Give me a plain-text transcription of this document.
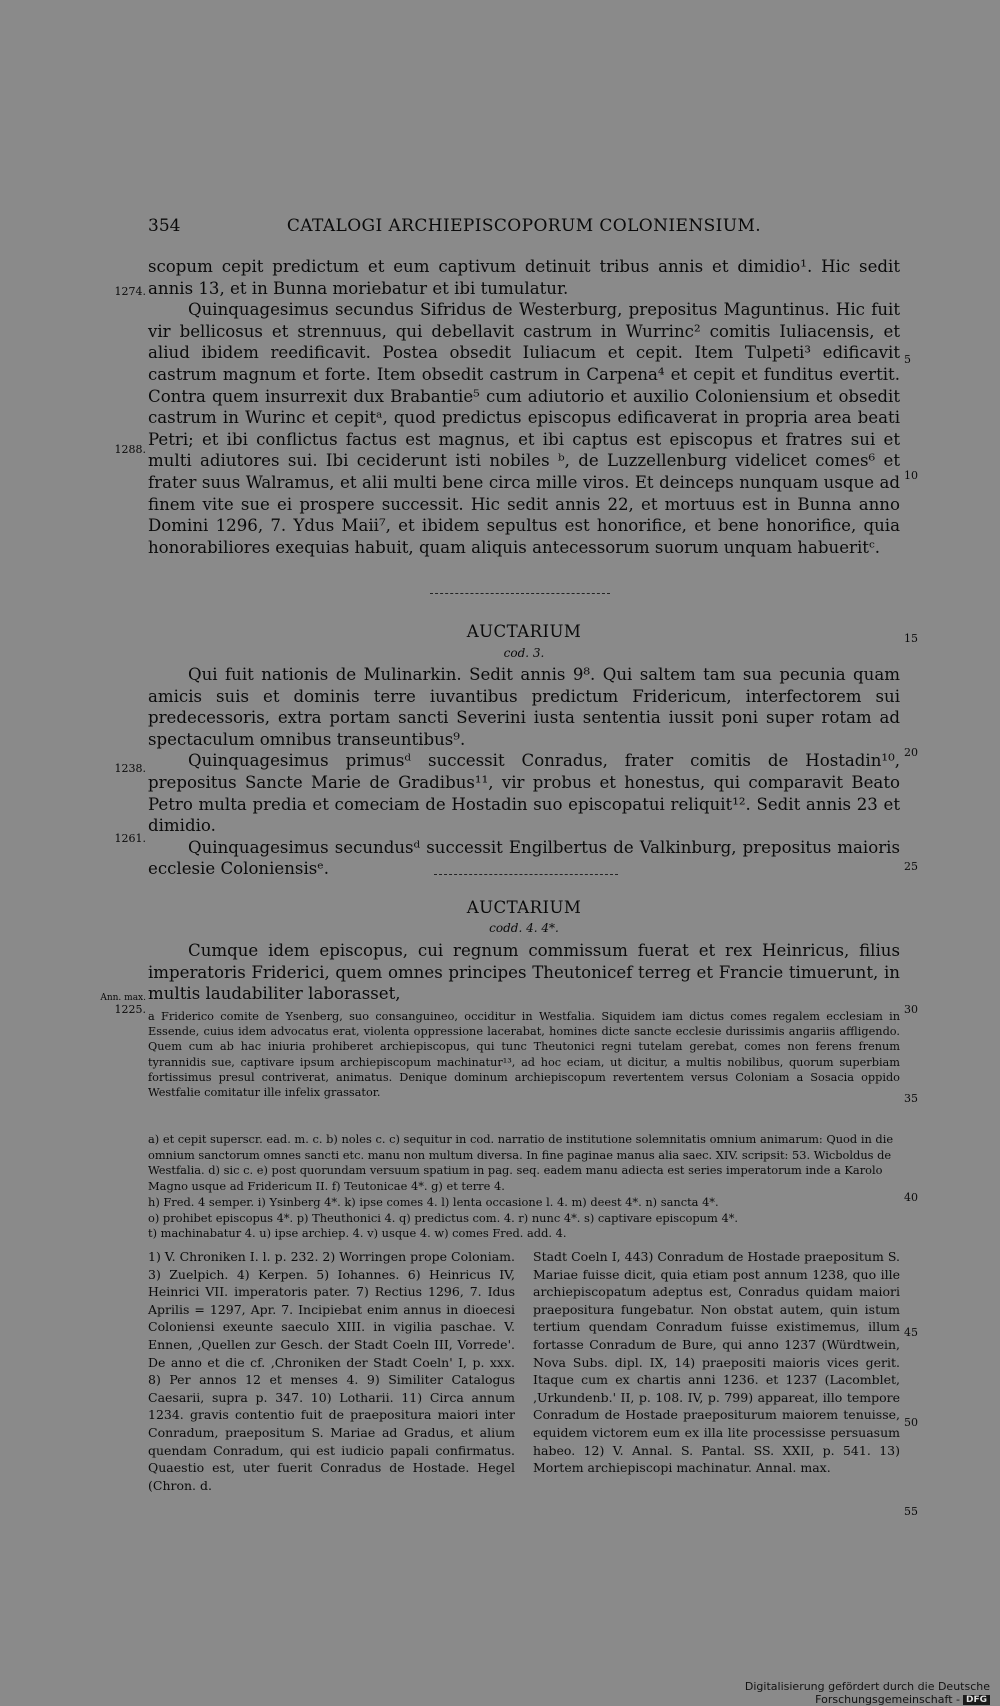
354	CATALOGI ARCHIEPISCOPORUM COLONIENSIUM.

scopum cepit predictum et eum captivum detinuit tribus annis et dimidio¹. Hic sedit annis 13, et in Bunna moriebatur et ibi tumulatur.

Quinquagesimus secundus Sifridus de Westerburg, prepositus Maguntinus. Hic fuit vir bellicosus et strennuus, qui debellavit castrum in Wurrinc² comitis Iuliacensis, et aliud ibidem reedificavit. Postea obsedit Iuliacum et cepit. Item Tulpeti³ edificavit castrum magnum et forte. Item obsedit castrum in Carpena⁴ et cepit et funditus evertit. Contra quem insurrexit dux Brabantie⁵ cum adiutorio et auxilio Coloniensium et obsedit castrum in Wurinc et cepitᵃ, quod predictus episcopus edificaverat in propria area beati Petri; et ibi conflictus factus est magnus, et ibi captus est episcopus et fratres sui et multi adiutores sui. Ibi ceciderunt isti nobiles ᵇ, de Luzzellenburg videlicet comes⁶ et frater suus Walramus, et alii multi bene circa mille viros. Et deinceps nunquam usque ad finem vite sue ei prospere successit. Hic sedit annis 22, et mortuus est in Bunna anno Domini 1296, 7. Ydus Maii⁷, et ibidem sepultus est honorifice, et bene honorifice, quia honorabiliores exequias habuit, quam aliquis antecessorum suorum unquam habueritᶜ.

AUCTARIUM
cod. 3.

Qui fuit nationis de Mulinarkin. Sedit annis 9⁸. Qui saltem tam sua pecunia quam amicis suis et dominis terre iuvantibus predictum Fridericum, interfectorem sui predecessoris, extra portam sancti Severini iusta sententia iussit poni super rotam ad spectaculum omnibus transeuntibus⁹.

Quinquagesimus primusᵈ successit Conradus, frater comitis de Hostadin¹⁰, prepositus Sancte Marie de Gradibus¹¹, vir probus et honestus, qui comparavit Beato Petro multa predia et comeciam de Hostadin suo episcopatui reliquit¹². Sedit annis 23 et dimidio.

Quinquagesimus secundusᵈ successit Engilbertus de Valkinburg, prepositus maioris ecclesie Coloniensisᵉ.

AUCTARIUM
codd. 4. 4*.

Cumque idem episcopus, cui regnum commissum fuerat et rex Heinricus, filius imperatoris Friderici, quem omnes principes Theutonicef terreg et Francie timuerunt, in multis laudabiliter laborasset,

a Friderico comite de Ysenberg, suo consanguineo, occiditur in Westfalia. Siquidem iam dictus comes regalem ecclesiam in Essende, cuius idem advocatus erat, violenta oppressione lacerabat, homines dicte sancte ecclesie durissimis angariis affligendo. Quem cum ab hac iniuria prohiberet archiepiscopus, qui tunc Theutonici regni tutelam gerebat, comes non ferens frenum tyrannidis sue, captivare ipsum archiepiscopum machinatur¹³, ad hoc eciam, ut dicitur, a multis nobilibus, quorum superbiam fortissimus presul contriverat, animatus. Denique dominum archiepiscopum revertentem versus Coloniam a Sosacia oppido Westfalie comitatur ille infelix grassator.

a) et cepit superscr. ead. m. c. b) noles c. c) sequitur in cod. narratio de institutione solemnitatis omnium animarum: Quod in die omnium sanctorum omnes sancti etc. manu non multum diversa. In fine paginae manus alia saec. XIV. scripsit: 53. Wicboldus de Westfalia. d) sic c. e) post quorundam versuum spatium in pag. seq. eadem manu adiecta est series imperatorum inde a Karolo Magno usque ad Fridericum II. f) Teutonicae 4*. g) et terre 4.

h) Fred. 4 semper. i) Ysinberg 4*. k) ipse comes 4. l) lenta occasione l. 4. m) deest 4*. n) sancta 4*.

o) prohibet episcopus 4*. p) Theuthonici 4. q) predictus com. 4. r) nunc 4*. s) captivare episcopum 4*.

t) machinabatur 4. u) ipse archiep. 4. v) usque 4. w) comes Fred. add. 4.

1) V. Chroniken I. l. p. 232. 2) Worringen prope Coloniam. 3) Zuelpich. 4) Kerpen. 5) Iohannes. 6) Heinricus IV, Heinrici VII. imperatoris pater. 7) Rectius 1296, 7. Idus Aprilis = 1297, Apr. 7. Incipiebat enim annus in dioecesi Coloniensi exeunte saeculo XIII. in vigilia paschae. V. Ennen, ‚Quellen zur Gesch. der Stadt Coeln III, Vorrede'. De anno et die cf. ‚Chroniken der Stadt Coeln' I, p. xxx. 8) Per annos 12 et menses 4. 9) Similiter Catalogus Caesarii, supra p. 347. 10) Lotharii. 11) Circa annum 1234. gravis contentio fuit de praepositura maiori inter Conradum, praepositum S. Mariae ad Gradus, et alium quendam Conradum, qui est iudicio papali confirmatus. Quaestio est, uter fuerit Conradus de Hostade. Hegel (Chron. d.

Stadt Coeln I, 443) Conradum de Hostade praepositum S. Mariae fuisse dicit, quia etiam post annum 1238, quo ille archiepiscopatum adeptus est, Conradus quidam maiori praepositura fungebatur. Non obstat autem, quin istum tertium quendam Conradum fuisse existimemus, illum fortasse Conradum de Bure, qui anno 1237 (Würdtwein, Nova Subs. dipl. IX, 14) praepositi maioris vices gerit. Itaque cum ex chartis anni 1236. et 1237 (Lacomblet, ‚Urkundenb.' II, p. 108. IV, p. 799) appareat, illo tempore Conradum de Hostade praepositurum maiorem tenuisse, equidem victorem eum ex illa lite processisse persuasum habeo. 12) V. Annal. S. Pantal. SS. XXII, p. 541. 13) Mortem archiepiscopi machinatur. Annal. max.

1274.
1288.
1238.
1261.
Ann. max.
1225.
5
10
15
20
25
30
35
40
45
50
55
Digitalisierung gefördert durch die Deutsche Forschungsgemeinschaft - DFG
